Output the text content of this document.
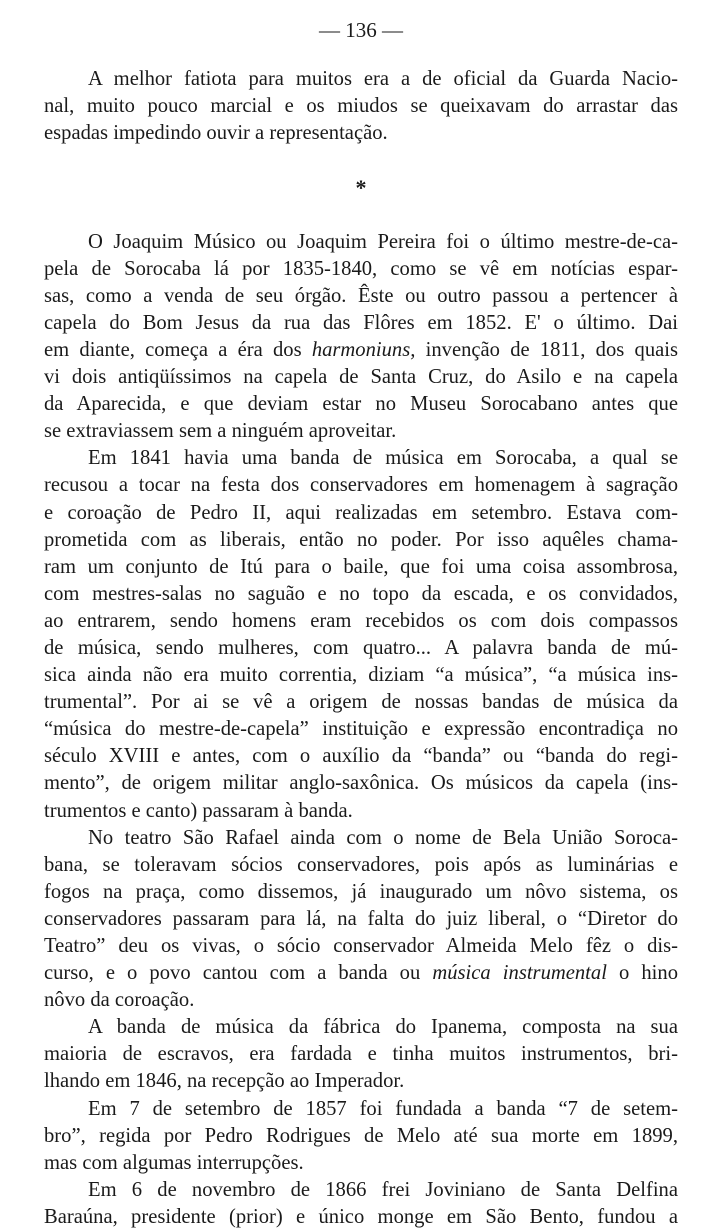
— 136 —
A melhor fatiota para muitos era a de oficial da Guarda Nacio-
nal, muito pouco marcial e os miudos se queixavam do arrastar das
espadas impedindo ouvir a representação.
*
O Joaquim Músico ou Joaquim Pereira foi o último mestre-de-ca-
pela de Sorocaba lá por 1835-1840, como se vê em notícias espar-
sas, como a venda de seu órgão. Êste ou outro passou a pertencer à
capela do Bom Jesus da rua das Flôres em 1852. E' o último. Dai
em diante, começa a éra dos harmoniuns, invenção de 1811, dos quais
vi dois antiqüíssimos na capela de Santa Cruz, do Asilo e na capela
da Aparecida, e que deviam estar no Museu Sorocabano antes que
se extraviassem sem a ninguém aproveitar.
Em 1841 havia uma banda de música em Sorocaba, a qual se
recusou a tocar na festa dos conservadores em homenagem à sagração
e coroação de Pedro II, aqui realizadas em setembro. Estava com-
prometida com as liberais, então no poder. Por isso aquêles chama-
ram um conjunto de Itú para o baile, que foi uma coisa assombrosa,
com mestres-salas no saguão e no topo da escada, e os convidados,
ao entrarem, sendo homens eram recebidos os com dois compassos
de música, sendo mulheres, com quatro... A palavra banda de mú-
sica ainda não era muito correntia, diziam “a música”, “a música ins-
trumental”. Por ai se vê a origem de nossas bandas de música da
“música do mestre-de-capela” instituição e expressão encontradiça no
século XVIII e antes, com o auxílio da “banda” ou “banda do regi-
mento”, de origem militar anglo-saxônica. Os músicos da capela (ins-
trumentos e canto) passaram à banda.
No teatro São Rafael ainda com o nome de Bela União Soroca-
bana, se toleravam sócios conservadores, pois após as luminárias e
fogos na praça, como dissemos, já inaugurado um nôvo sistema, os
conservadores passaram para lá, na falta do juiz liberal, o “Diretor do
Teatro” deu os vivas, o sócio conservador Almeida Melo fêz o dis-
curso, e o povo cantou com a banda ou música instrumental o hino
nôvo da coroação.
A banda de música da fábrica do Ipanema, composta na sua
maioria de escravos, era fardada e tinha muitos instrumentos, bri-
lhando em 1846, na recepção ao Imperador.
Em 7 de setembro de 1857 foi fundada a banda “7 de setem-
bro”, regida por Pedro Rodrigues de Melo até sua morte em 1899,
mas com algumas interrupções.
Em 6 de novembro de 1866 frei Joviniano de Santa Delfina
Baraúna, presidente (prior) e único monge em São Bento, fundou a
